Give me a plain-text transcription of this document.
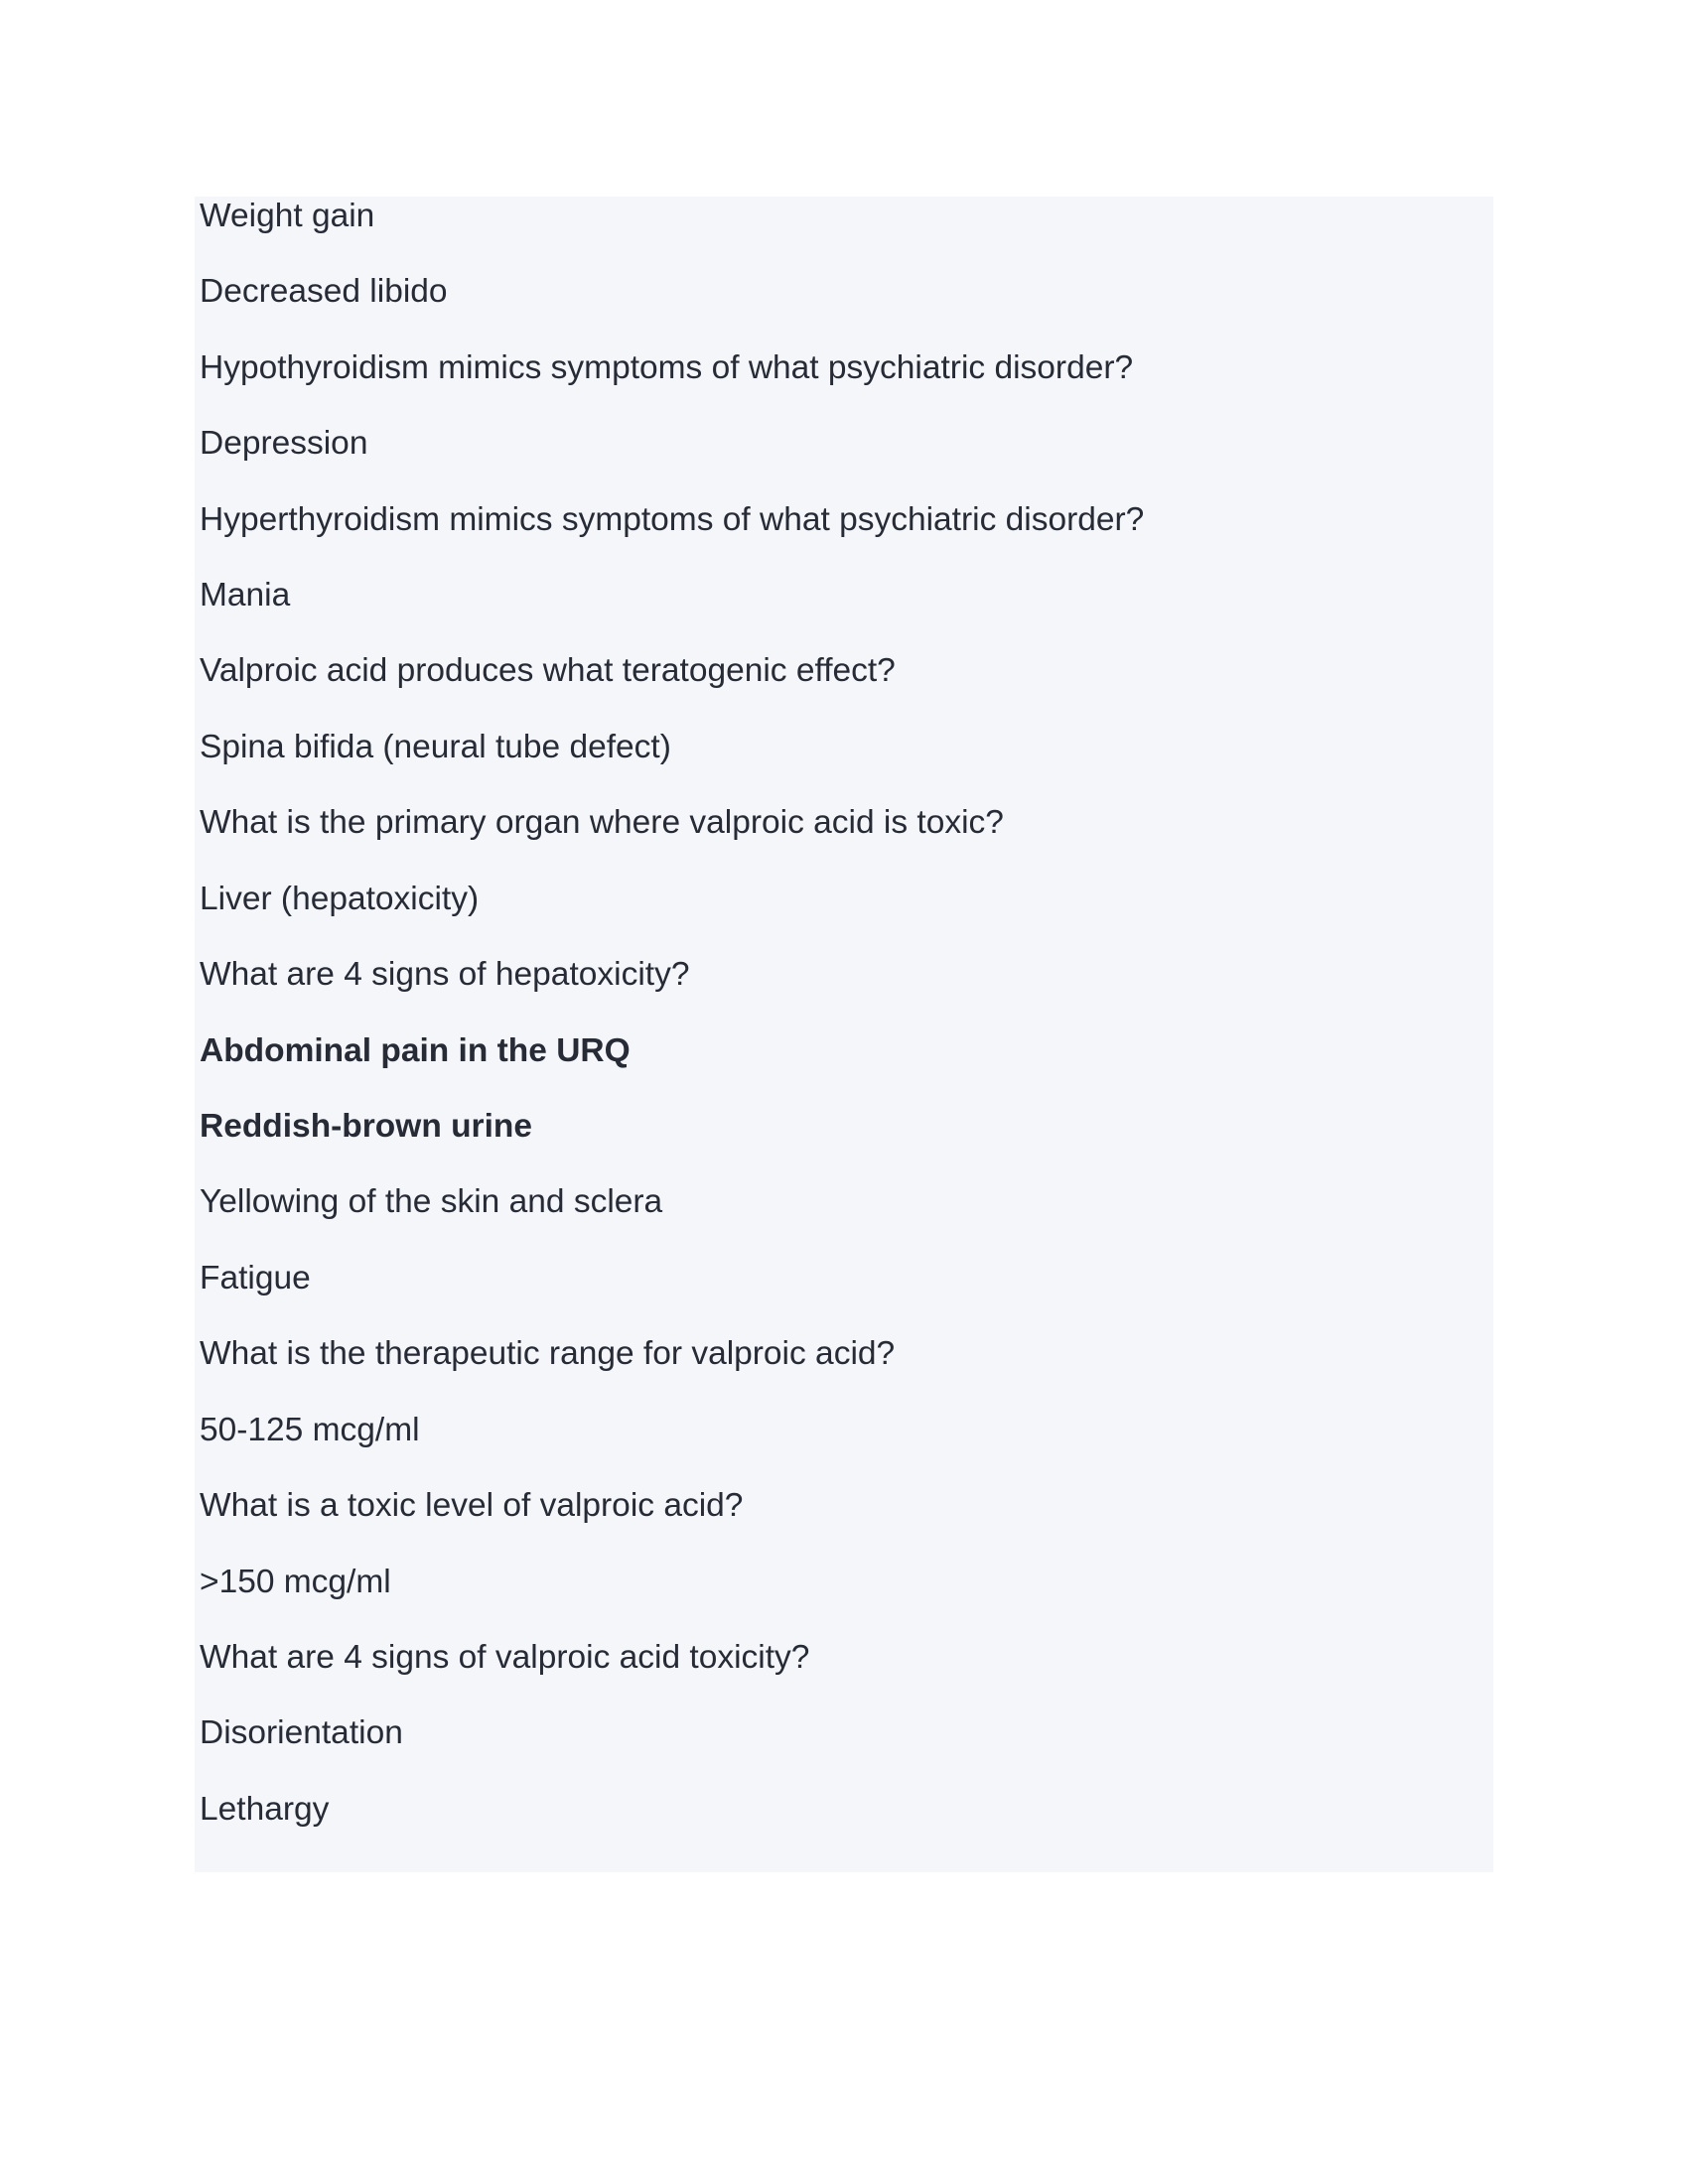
Weight gain

Decreased libido

Hypothyroidism mimics symptoms of what psychiatric disorder?

Depression

Hyperthyroidism mimics symptoms of what psychiatric disorder?

Mania

Valproic acid produces what teratogenic effect?

Spina bifida (neural tube defect)

What is the primary organ where valproic acid is toxic?

Liver (hepatoxicity)

What are 4 signs of hepatoxicity?

Abdominal pain in the URQ

Reddish-brown urine

Yellowing of the skin and sclera

Fatigue

What is the therapeutic range for valproic acid?

50-125 mcg/ml

What is a toxic level of valproic acid?

>150 mcg/ml

What are 4 signs of valproic acid toxicity?

Disorientation

Lethargy
